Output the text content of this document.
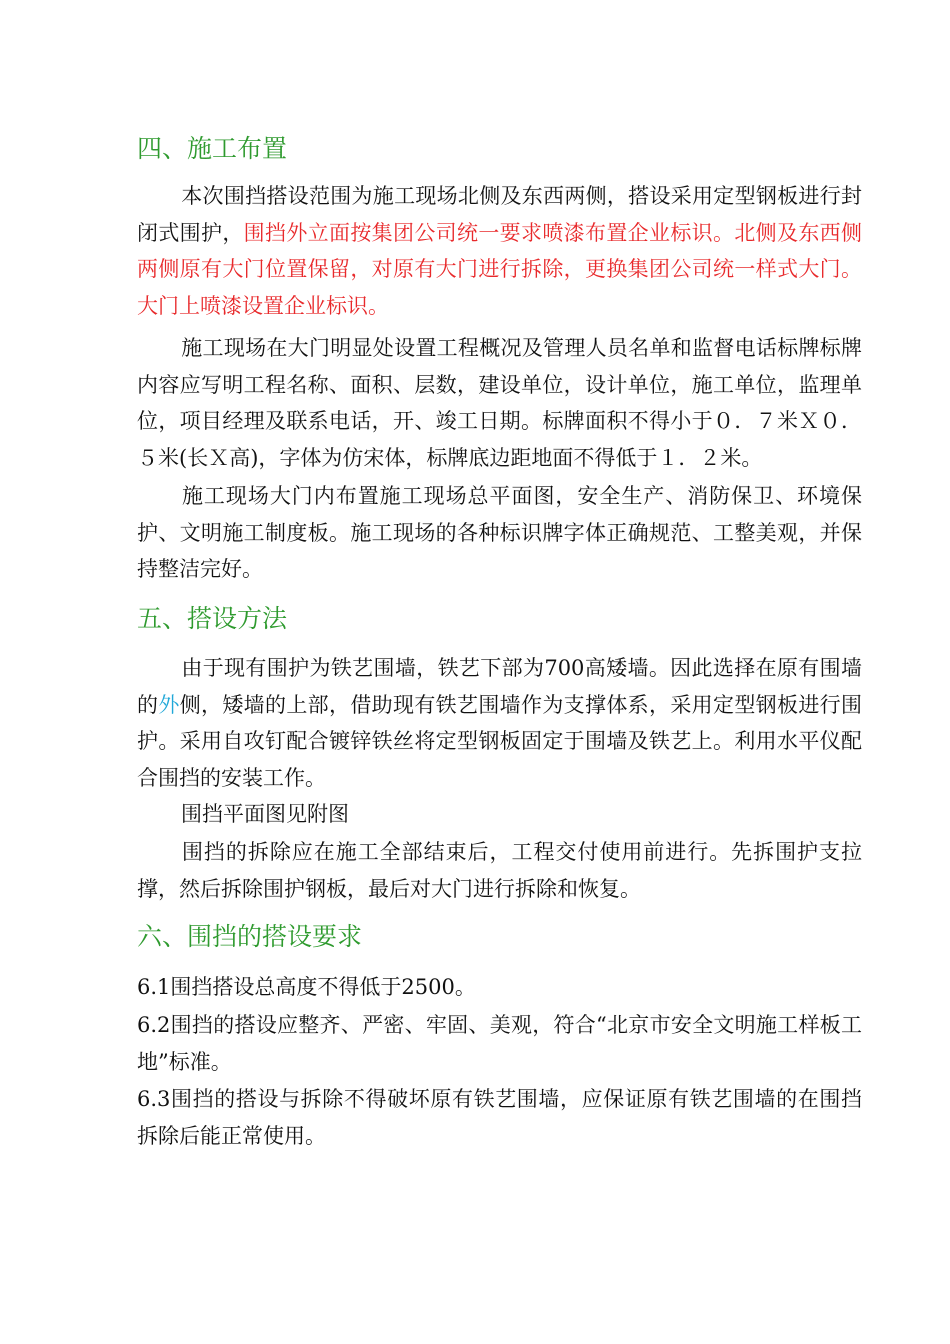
四、施工布置

本次围挡搭设范围为施工现场北侧及东西两侧，搭设采用定型钢板进行封闭式围护，围挡外立面按集团公司统一要求喷漆布置企业标识。北侧及东西侧两侧原有大门位置保留，对原有大门进行拆除，更换集团公司统一样式大门。大门上喷漆设置企业标识。

施工现场在大门明显处设置工程概况及管理人员名单和监督电话标牌标牌内容应写明工程名称、面积、层数，建设单位，设计单位，施工单位，监理单位，项目经理及联系电话，开、竣工日期。标牌面积不得小于０．７米Ｘ０．５米(长Ｘ高)，字体为仿宋体，标牌底边距地面不得低于１．２米。

施工现场大门内布置施工现场总平面图，安全生产、消防保卫、环境保护、文明施工制度板。施工现场的各种标识牌字体正确规范、工整美观，并保持整洁完好。

五、搭设方法

由于现有围护为铁艺围墙，铁艺下部为700高矮墙。因此选择在原有围墙的外侧，矮墙的上部，借助现有铁艺围墙作为支撑体系，采用定型钢板进行围护。采用自攻钉配合镀锌铁丝将定型钢板固定于围墙及铁艺上。利用水平仪配合围挡的安装工作。

围挡平面图见附图

围挡的拆除应在施工全部结束后，工程交付使用前进行。先拆围护支拉撑，然后拆除围护钢板，最后对大门进行拆除和恢复。

六、围挡的搭设要求

6.1围挡搭设总高度不得低于2500。

6.2围挡的搭设应整齐、严密、牢固、美观，符合“北京市安全文明施工样板工地”标准。

6.3围挡的搭设与拆除不得破坏原有铁艺围墙，应保证原有铁艺围墙的在围挡拆除后能正常使用。
